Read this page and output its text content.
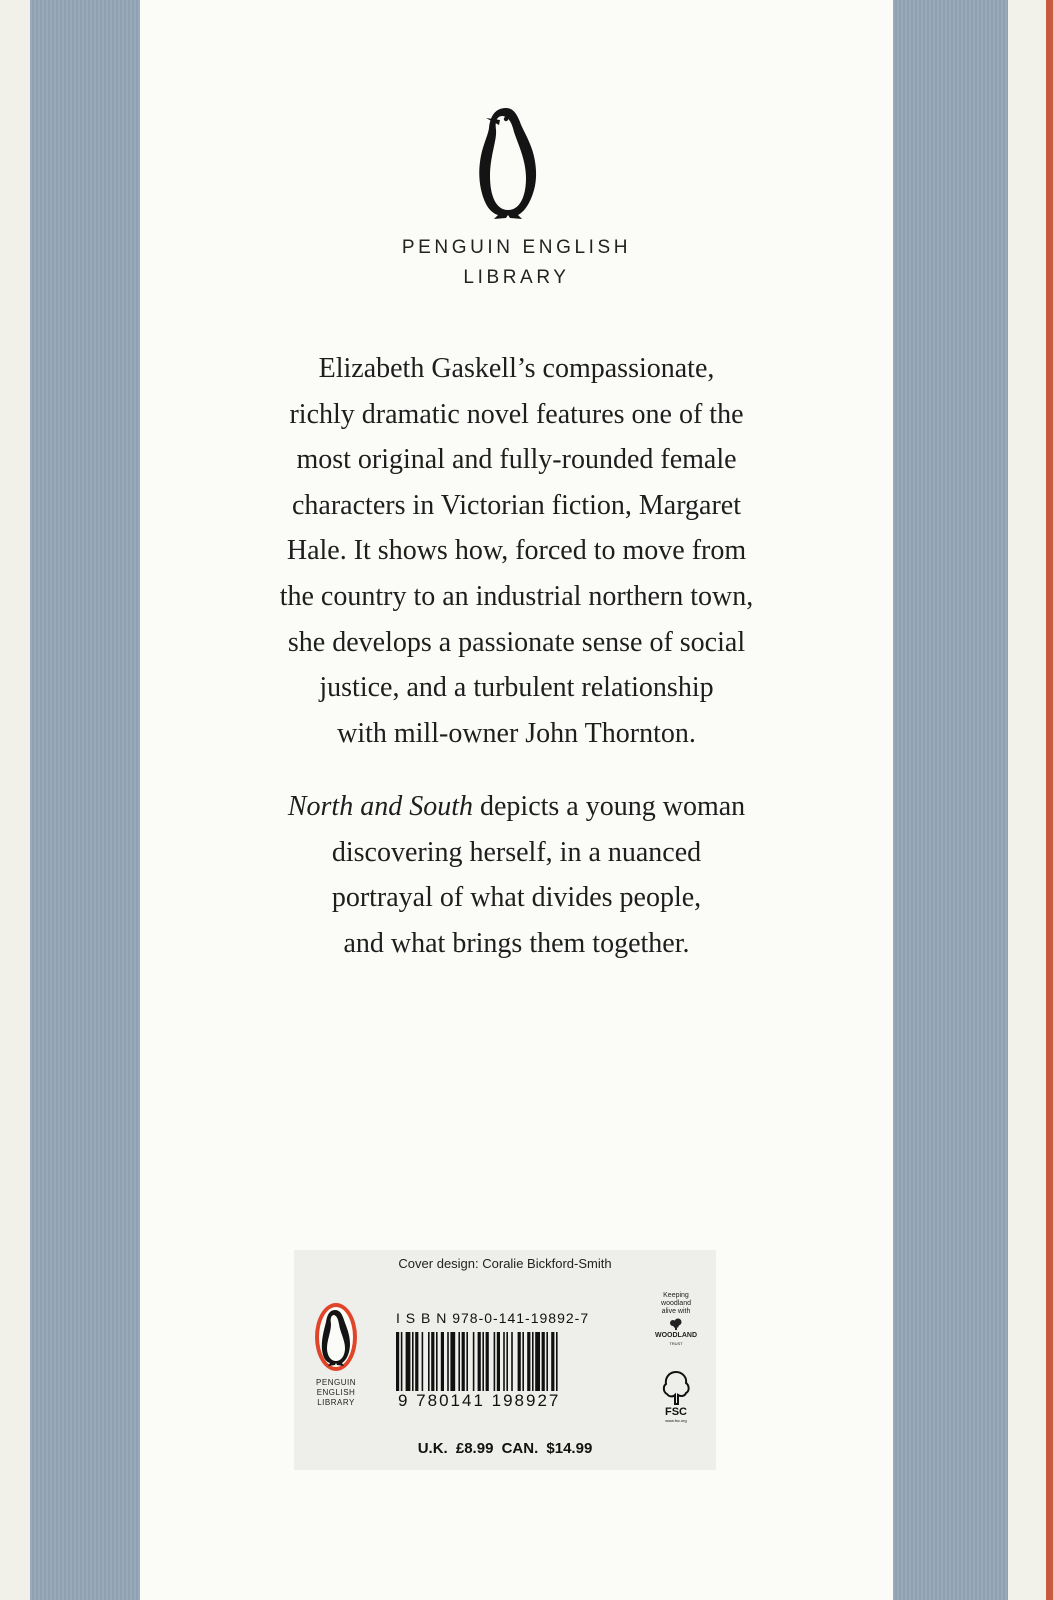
PENGUIN ENGLISH
LIBRARY
Elizabeth Gaskell’s compassionate,
richly dramatic novel features one of the
most original and fully-rounded female
characters in Victorian fiction, Margaret
Hale. It shows how, forced to move from
the country to an industrial northern town,
she develops a passionate sense of social
justice, and a turbulent relationship
with mill-owner John Thornton.
North and South depicts a young woman
discovering herself, in a nuanced
portrayal of what divides people,
and what brings them together.
Cover design: Coralie Bickford-Smith
PENGUIN
ENGLISH
LIBRARY
I S B N 978-0-141-19892-7
9 780141 198927
Keeping
woodland
alive with
WOODLAND
TRUST
FSC
www.fsc.org
U.K. £8.99 CAN. $14.99
